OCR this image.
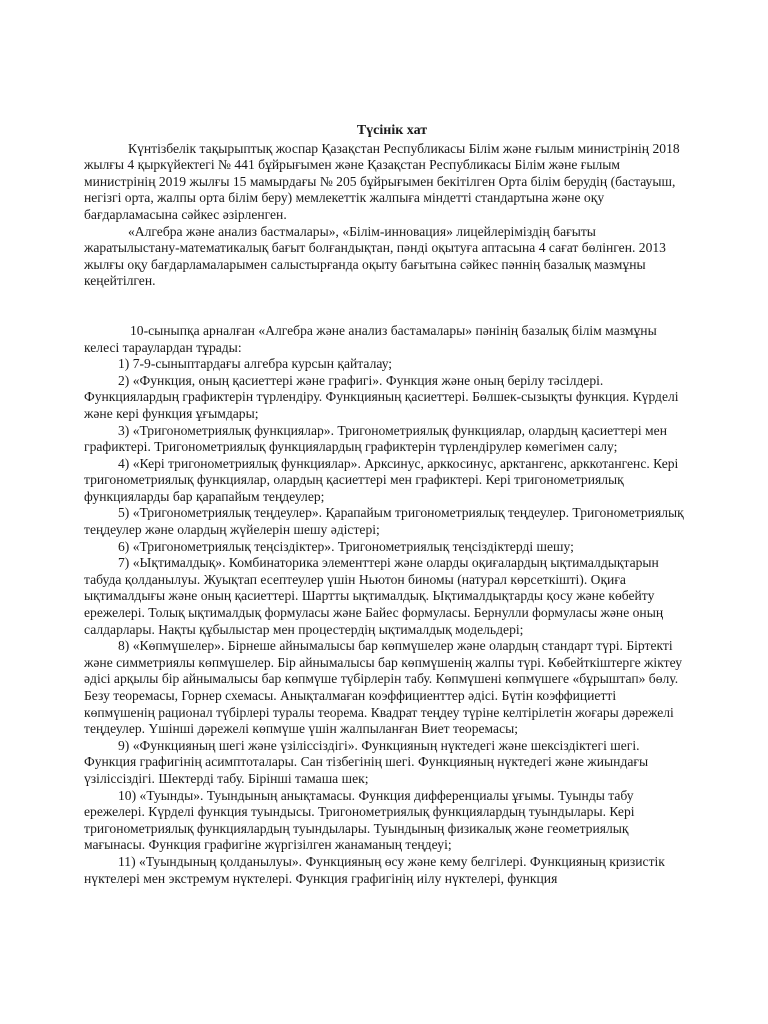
Түсінік хат

Күнтізбелік тақырыптық жоспар Қазақстан Республикасы Білім және ғылым министрінің 2018 жылғы 4 қыркүйектегі № 441 бұйрығымен және Қазақстан Республикасы Білім және ғылым министрінің 2019 жылғы 15 мамырдағы № 205 бұйрығымен бекітілген Орта білім берудің (бастауыш, негізгі орта, жалпы орта білім беру) мемлекеттік жалпыға міндетті стандартына және оқу бағдарламасына сәйкес әзірленген.

«Алгебра және анализ бастмалары», «Білім-инновация» лицейлеріміздің бағыты жаратылыстану-математикалық бағыт болғандықтан, пәнді оқытуға аптасына 4 сағат бөлінген. 2013 жылғы оқу бағдарламаларымен салыстырғанда оқыту бағытына сәйкес пәннің базалық мазмұны кеңейтілген.

10-сыныпқа арналған «Алгебра және анализ бастамалары» пәнінің базалық білім мазмұны келесі тараулардан тұрады:

1) 7-9-сыныптардағы алгебра курсын қайталау;

2) «Функция, оның қасиеттері және графигі». Функция және оның берілу тәсілдері. Функциялардың графиктерін түрлендіру. Функцияның қасиеттері. Бөлшек-сызықты функция. Күрделі және кері функция ұғымдары;

3) «Тригонометриялық функциялар». Тригонометриялық функциялар, олардың қасиеттері мен графиктері. Тригонометриялық функциялардың графиктерін түрлендірулер көмегімен салу;

4) «Кері тригонометриялық функциялар». Арксинус, арккосинус, арктангенс, арккотангенс. Кері тригонометриялық функциялар, олардың қасиеттері мен графиктері. Кері тригонометриялық функцияларды бар қарапайым теңдеулер;

5) «Тригонометриялық теңдеулер». Қарапайым тригонометриялық теңдеулер. Тригонометриялық теңдеулер және олардың жүйелерін шешу әдістері;

6) «Тригонометриялық теңсіздіктер». Тригонометриялық теңсіздіктерді шешу;

7) «Ықтималдық». Комбинаторика элементтері және оларды оқиғалардың ықтималдықтарын табуда қолданылуы. Жуықтап есептеулер үшін Ньютон биномы (натурал көрсеткішті). Оқиға ықтималдығы және оның қасиеттері. Шартты ықтималдық. Ықтималдықтарды қосу және көбейту ережелері. Толық ықтималдық формуласы және Байес формуласы. Бернулли формуласы және оның салдарлары. Нақты құбылыстар мен процестердің ықтималдық модельдері;

8) «Көпмүшелер». Бірнеше айнымалысы бар көпмүшелер және олардың стандарт түрі. Біртекті және симметриялы көпмүшелер. Бір айнымалысы бар көпмүшенің жалпы түрі. Көбейткіштерге жіктеу әдісі арқылы бір айнымалысы бар көпмүше түбірлерін табу. Көпмүшені көпмүшеге «бұрыштап» бөлу. Безу теоремасы, Горнер схемасы. Анықталмаған коэффициенттер әдісі. Бүтін коэффициетті көпмүшенің рационал түбірлері туралы теорема. Квадрат теңдеу түріне келтірілетін жоғары дәрежелі теңдеулер. Үшінші дәрежелі көпмүше үшін жалпыланған Виет теоремасы;

9) «Функцияның шегі және үзіліссіздігі». Функцияның нүктедегі және шексіздіктегі шегі. Функция графигінің асимптоталары. Сан тізбегінің шегі. Функцияның нүктедегі және жиындағы үзіліссіздігі. Шектерді табу. Бірінші тамаша шек;

10) «Туынды». Туындының анықтамасы. Функция дифференциалы ұғымы. Туынды табу ережелері. Күрделі функция туындысы. Тригонометриялық функциялардың туындылары. Кері тригонометриялық функциялардың туындылары. Туындының физикалық және геометриялық мағынасы. Функция графигіне жүргізілген жанаманың теңдеуі;

11) «Туындының қолданылуы». Функцияның өсу және кему белгілері. Функцияның кризистік нүктелері мен экстремум нүктелері. Функция графигінің иілу нүктелері, функция
